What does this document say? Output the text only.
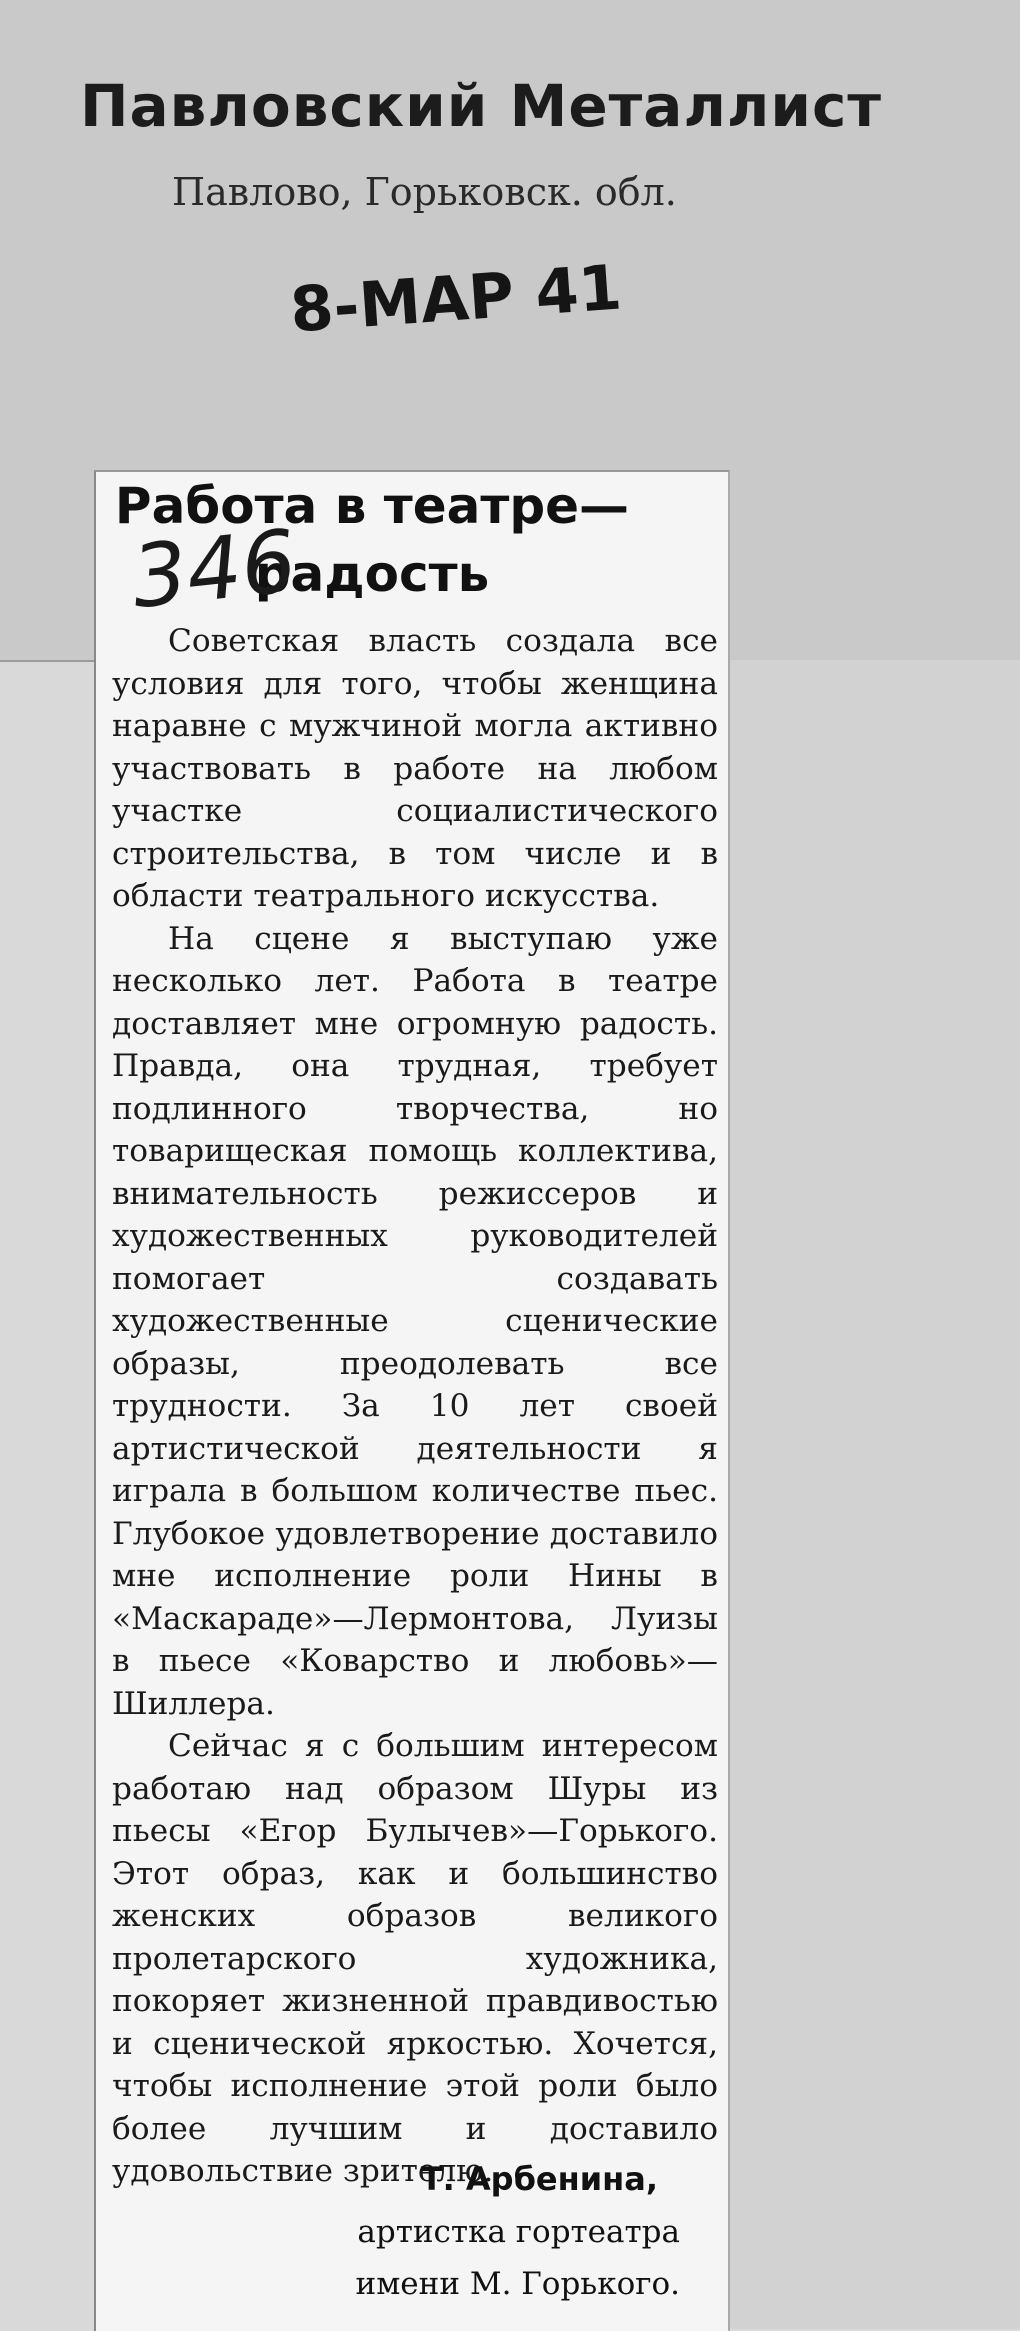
Павловский Металлист
Павлово, Горьковск. обл.
8-МАР 41
Работа в театре—
радость
346

Советская власть создала все условия для того, чтобы женщина наравне с мужчиной могла активно участвовать в работе на любом участке социалистического строительства, в том числе и в области театрального искусства.

На сцене я выступаю уже несколько лет. Работа в театре доставляет мне огромную радость. Правда, она трудная, требует подлинного творчества, но товарищеская помощь коллектива, внимательность режиссеров и художественных руководителей помогает создавать художественные сценические образы, преодолевать все трудности. За 10 лет своей артистической деятельности я играла в большом количестве пьес. Глубокое удовлетворение доставило мне исполнение роли Нины в «Маскараде»—Лермонтова, Луизы в пьесе «Коварство и любовь»—Шиллера.

Сейчас я с большим интересом работаю над образом Шуры из пьесы «Егор Булычев»—Горького. Этот образ, как и большинство женских образов великого пролетарского художника, покоряет жизненной правдивостью и сценической яркостью. Хочется, чтобы исполнение этой роли было более лучшим и доставило удовольствие зрителю.

Т. Арбенина,
артистка гортеатра
имени М. Горького.
